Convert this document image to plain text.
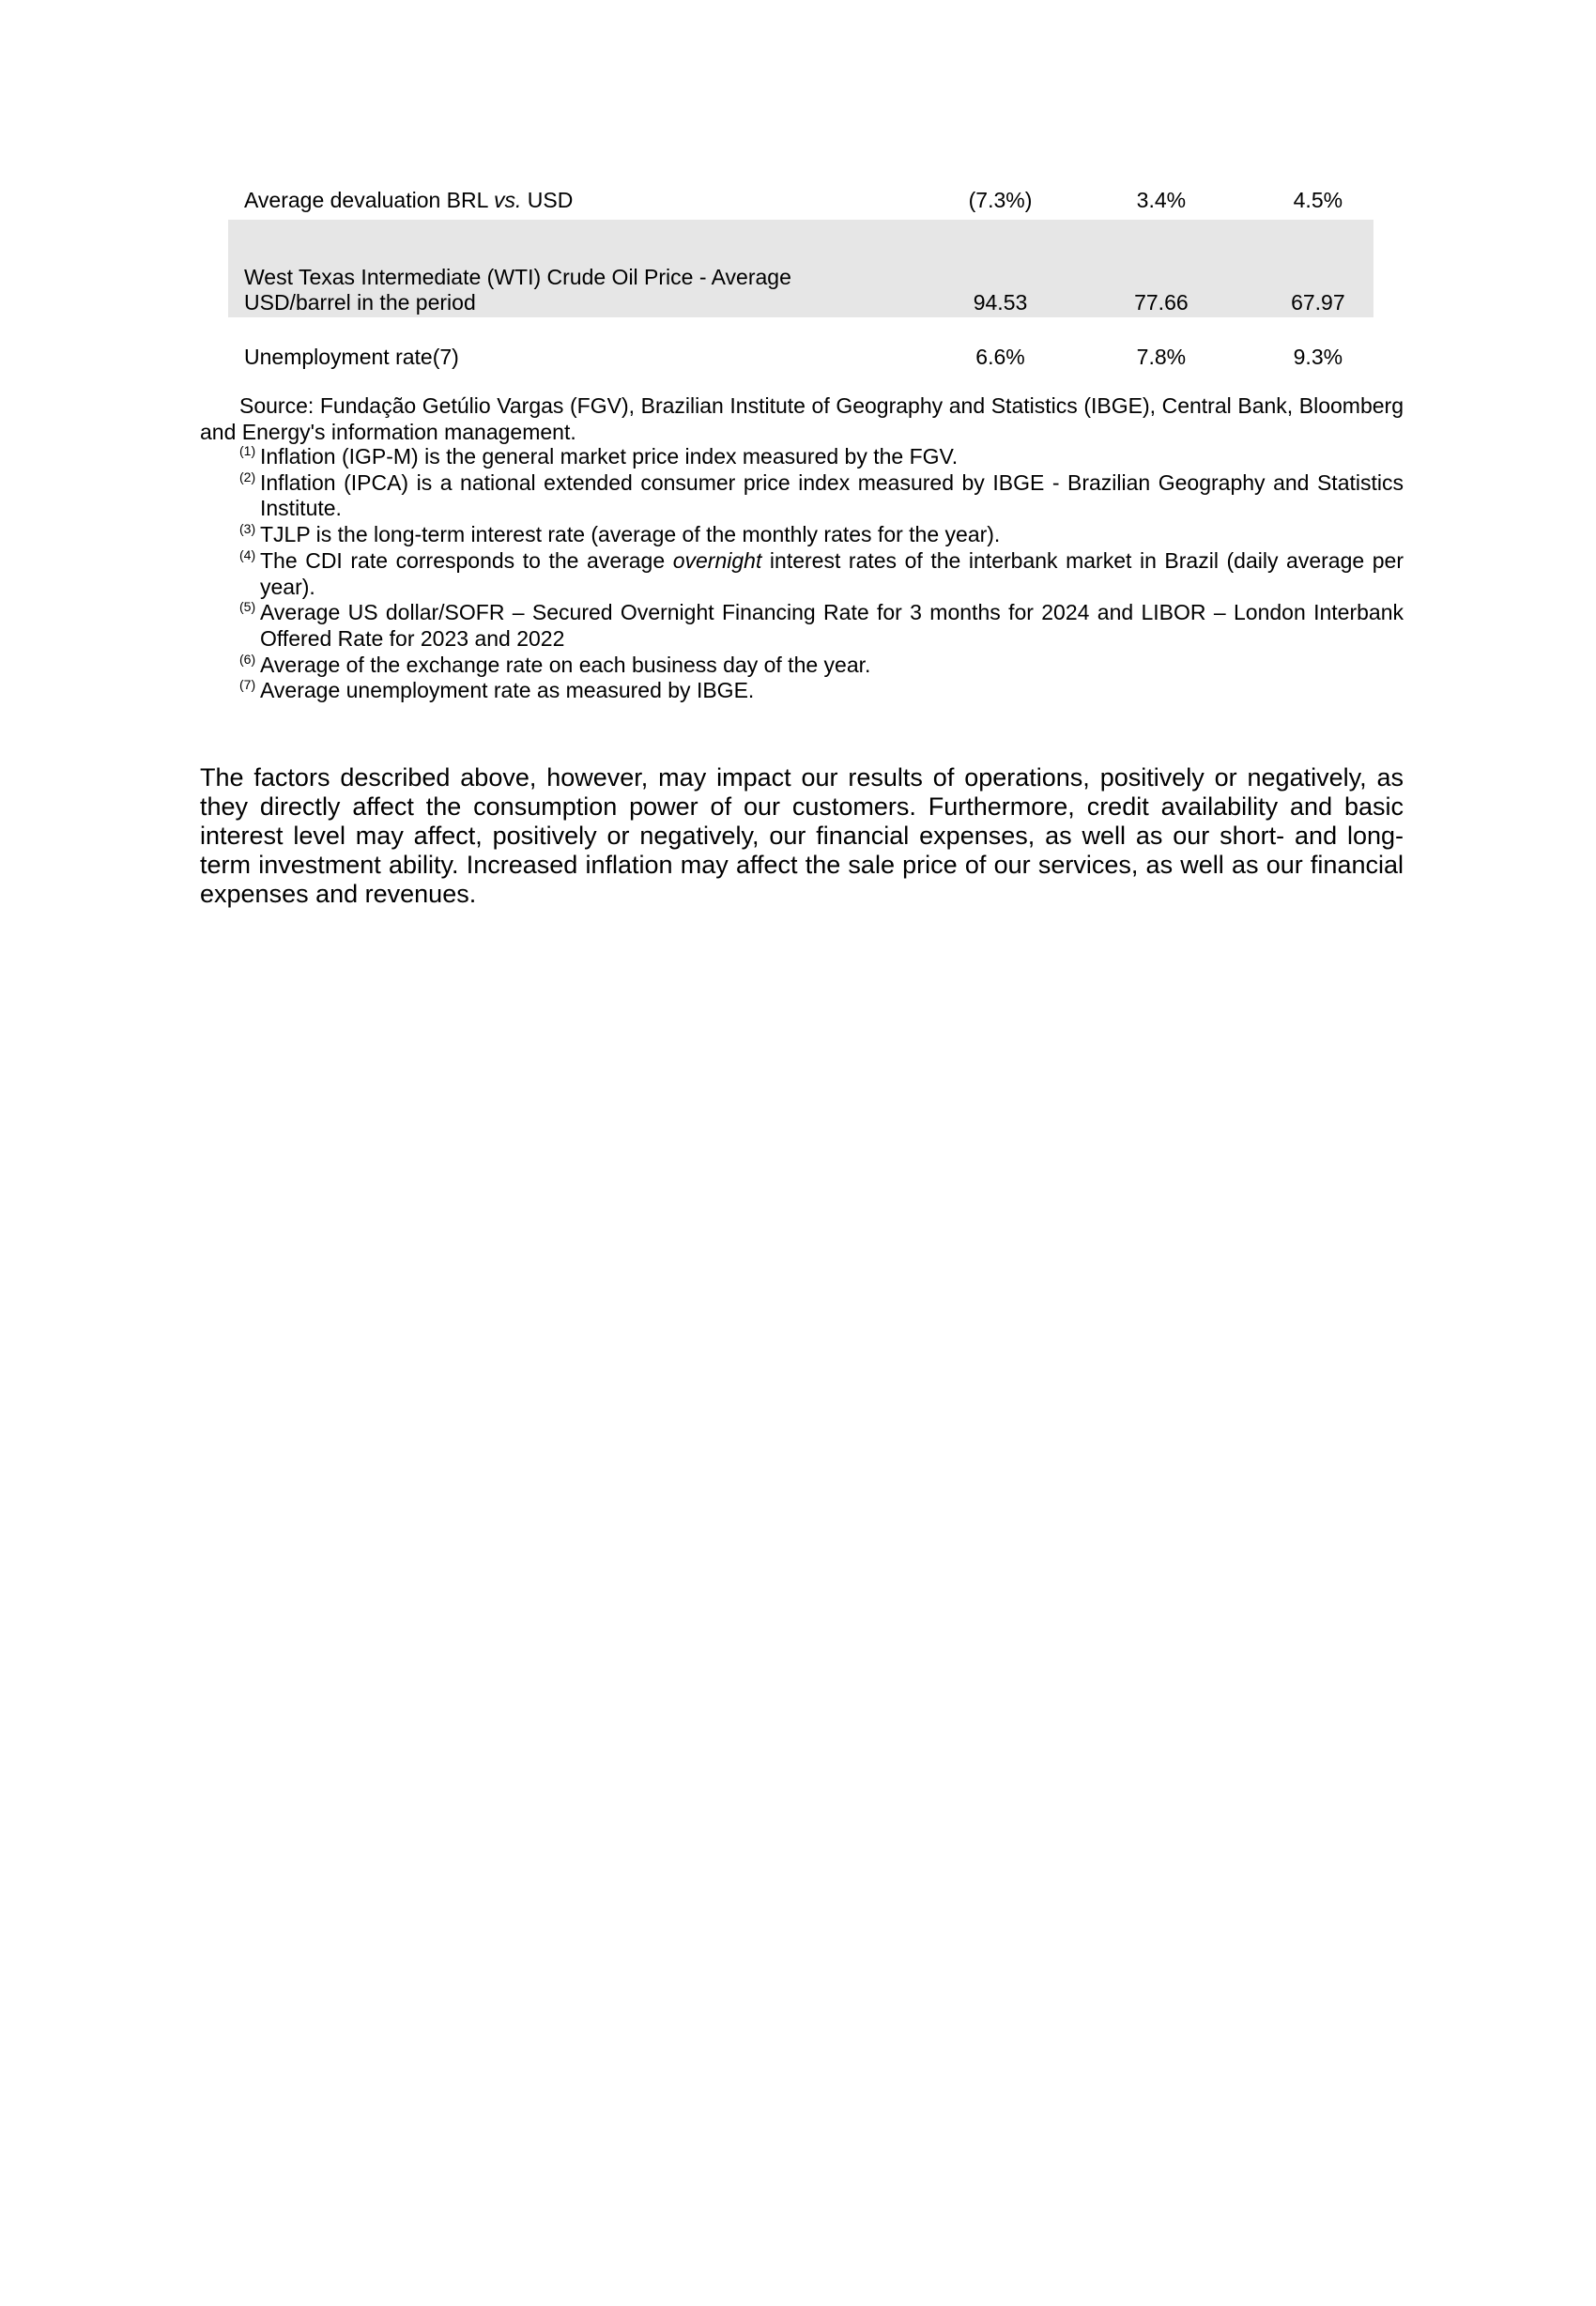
Average devaluation BRL vs. USD	(7.3%)	3.4%	4.5%
West Texas Intermediate (WTI) Crude Oil Price - Average
USD/barrel in the period	94.53	77.66	67.97
Unemployment rate(7)	6.6%	7.8%	9.3%

Source: Fundação Getúlio Vargas (FGV), Brazilian Institute of Geography and Statistics (IBGE), Central Bank, Bloomberg and Energy's information management.

(1) Inflation (IGP-M) is the general market price index measured by the FGV.
(2) Inflation (IPCA) is a national extended consumer price index measured by IBGE - Brazilian Geography and Statistics Institute.
(3) TJLP is the long-term interest rate (average of the monthly rates for the year).
(4) The CDI rate corresponds to the average overnight interest rates of the interbank market in Brazil (daily average per year).
(5) Average US dollar/SOFR – Secured Overnight Financing Rate for 3 months for 2024 and LIBOR – London Interbank Offered Rate for 2023 and 2022
(6) Average of the exchange rate on each business day of the year.
(7) Average unemployment rate as measured by IBGE.

The factors described above, however, may impact our results of operations, positively or negatively, as they directly affect the consumption power of our customers. Furthermore, credit availability and basic interest level may affect, positively or negatively, our financial expenses, as well as our short- and long-term investment ability. Increased inflation may affect the sale price of our services, as well as our financial expenses and revenues.
